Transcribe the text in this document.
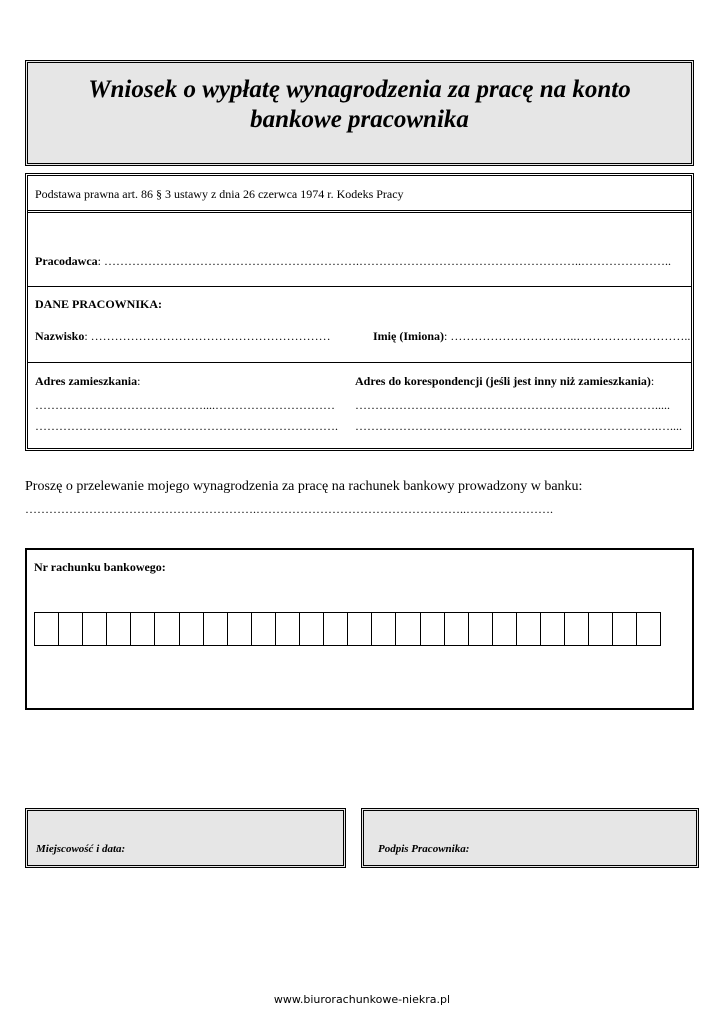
Wniosek o wypłatę wynagrodzenia za pracę na konto bankowe pracownika
Podstawa prawna art. 86 § 3 ustawy z dnia 26 czerwca 1974 r. Kodeks Pracy
Pracodawca: ……………………………………………………….………………………………………………..…………………..
DANE PRACOWNIKA:
Nazwisko: ……………………………………………………	Imię (Imiona): …………………………..………………………..
Adres zamieszkania:
……………………………………....…………………………
………………………………………………………………….
Adres do korespondencji (jeśli jest inny niż zamieszkania):
………………………………………………………………….....
………………………………………………………………….…....
Proszę o przelewanie mojego wynagrodzenia za pracę na rachunek bankowy prowadzony w banku:
………………………………………………….……………………………………………..………………….
Nr rachunku bankowego:
Miejscowość i data:	Podpis Pracownika:
www.biurorachunkowe-niekra.pl
